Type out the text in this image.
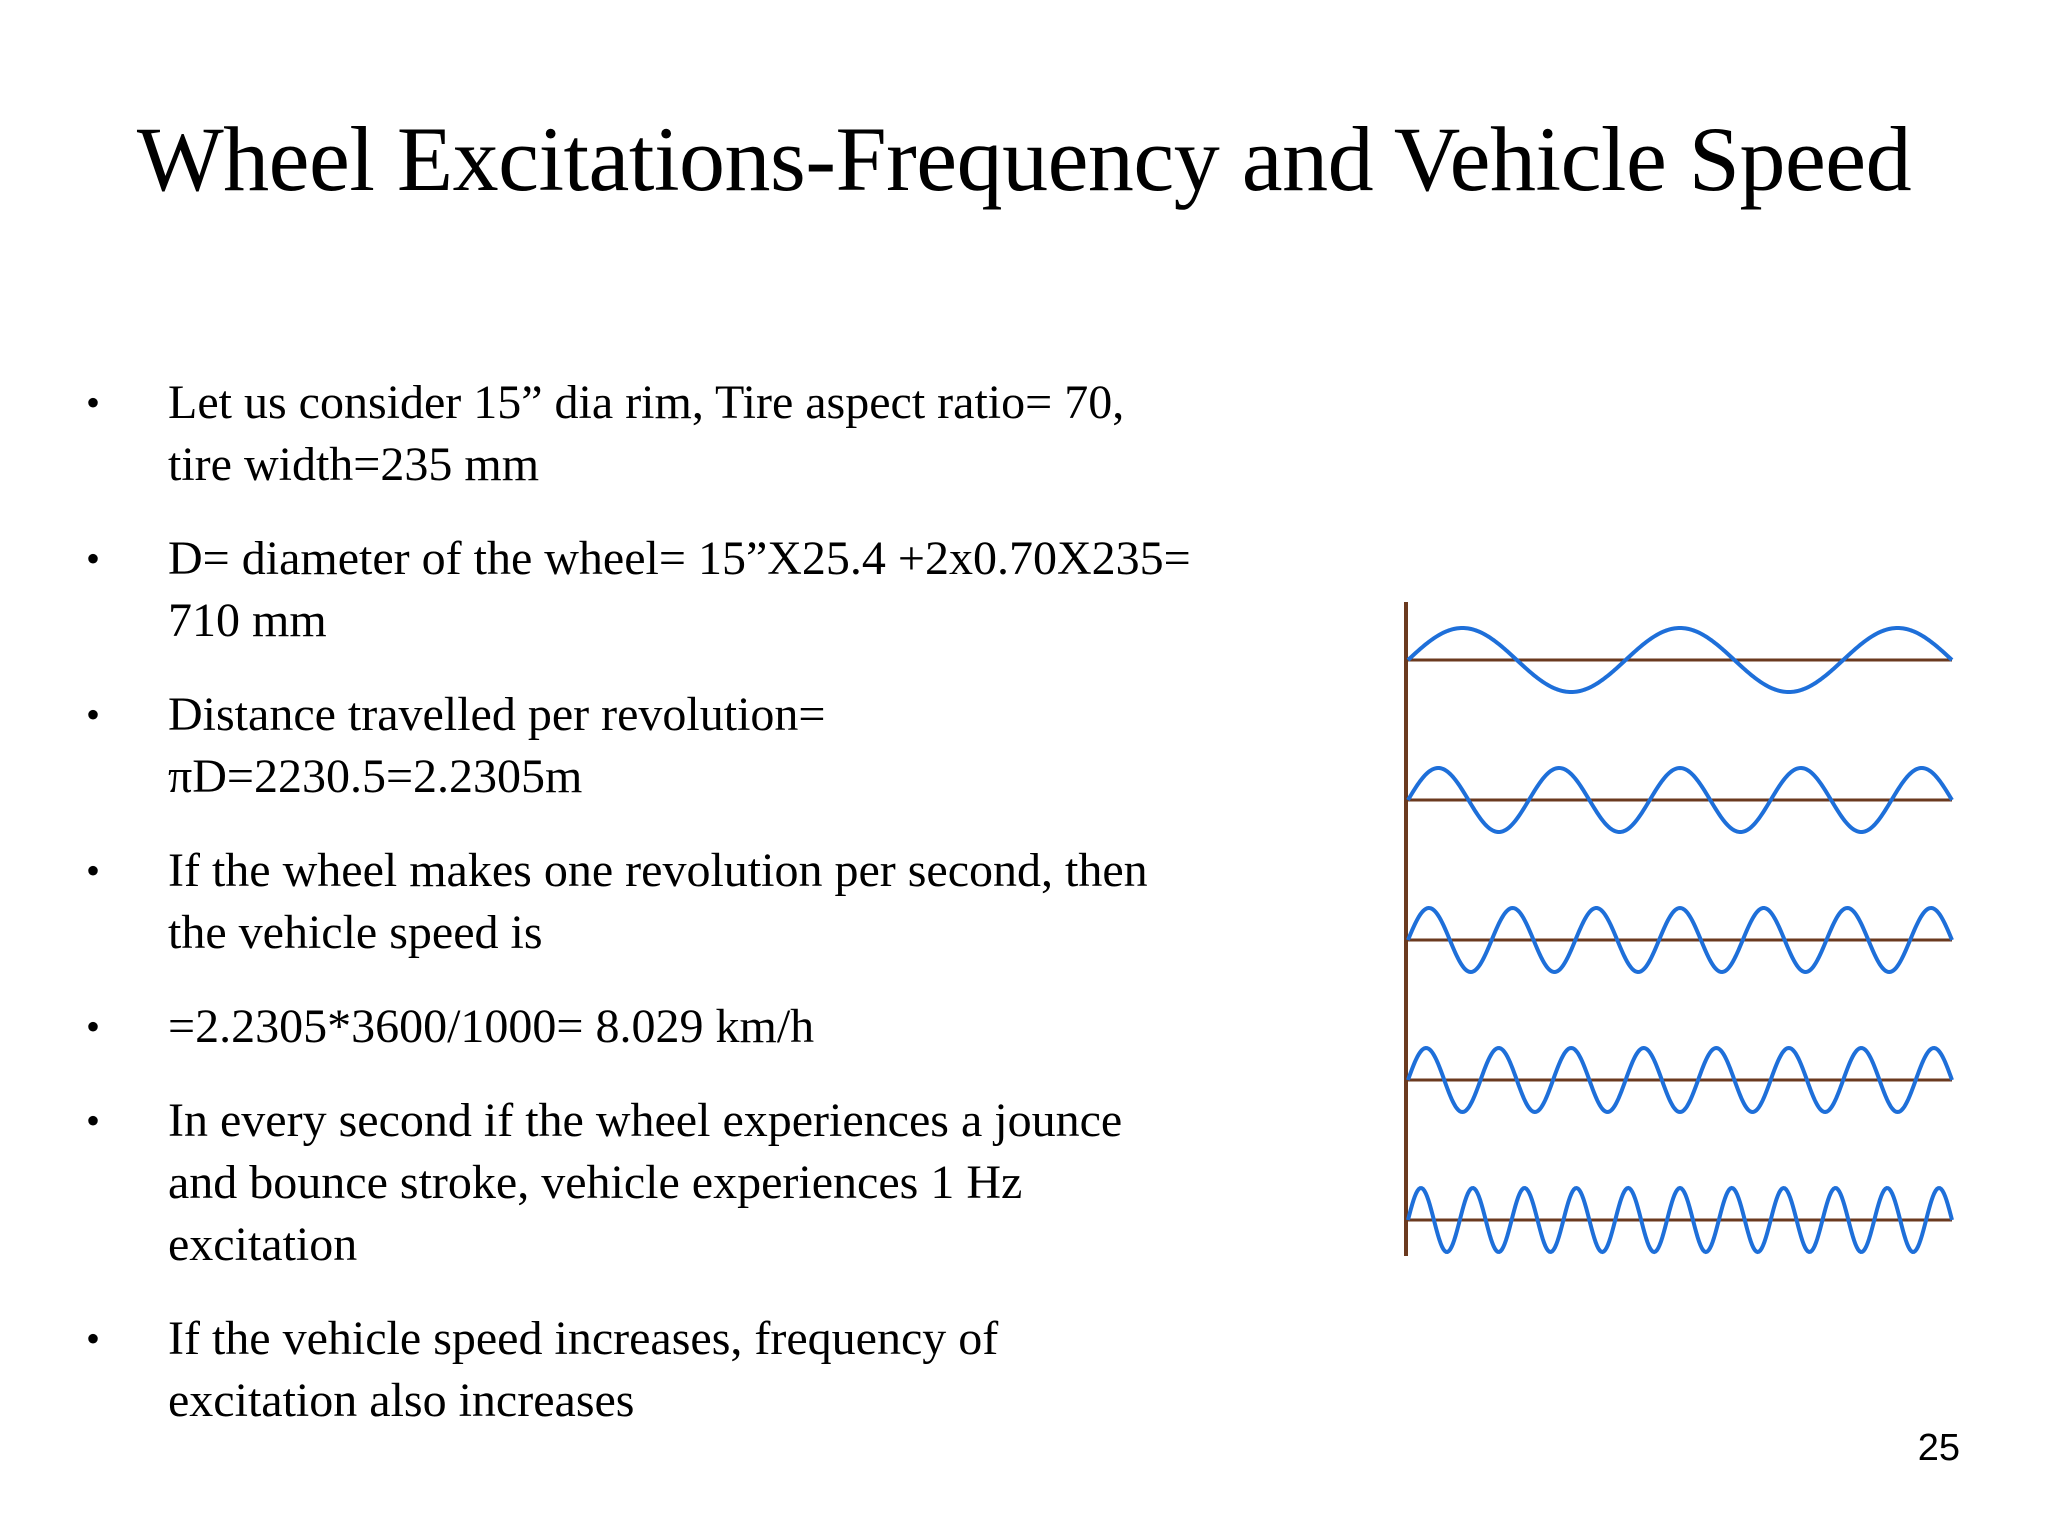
Wheel Excitations-Frequency and Vehicle Speed
•	Let us consider 15” dia rim, Tire aspect ratio= 70,
tire width=235 mm
•	D= diameter of the wheel= 15”X25.4 +2x0.70X235=
710 mm
•	Distance travelled per revolution=
πD=2230.5=2.2305m
•	If the wheel makes one revolution per second, then
the vehicle speed is
•	=2.2305*3600/1000= 8.029 km/h
•	In every second if the wheel experiences a jounce
and bounce stroke, vehicle experiences 1 Hz
excitation
•	If the vehicle speed increases, frequency of
excitation also increases
25
